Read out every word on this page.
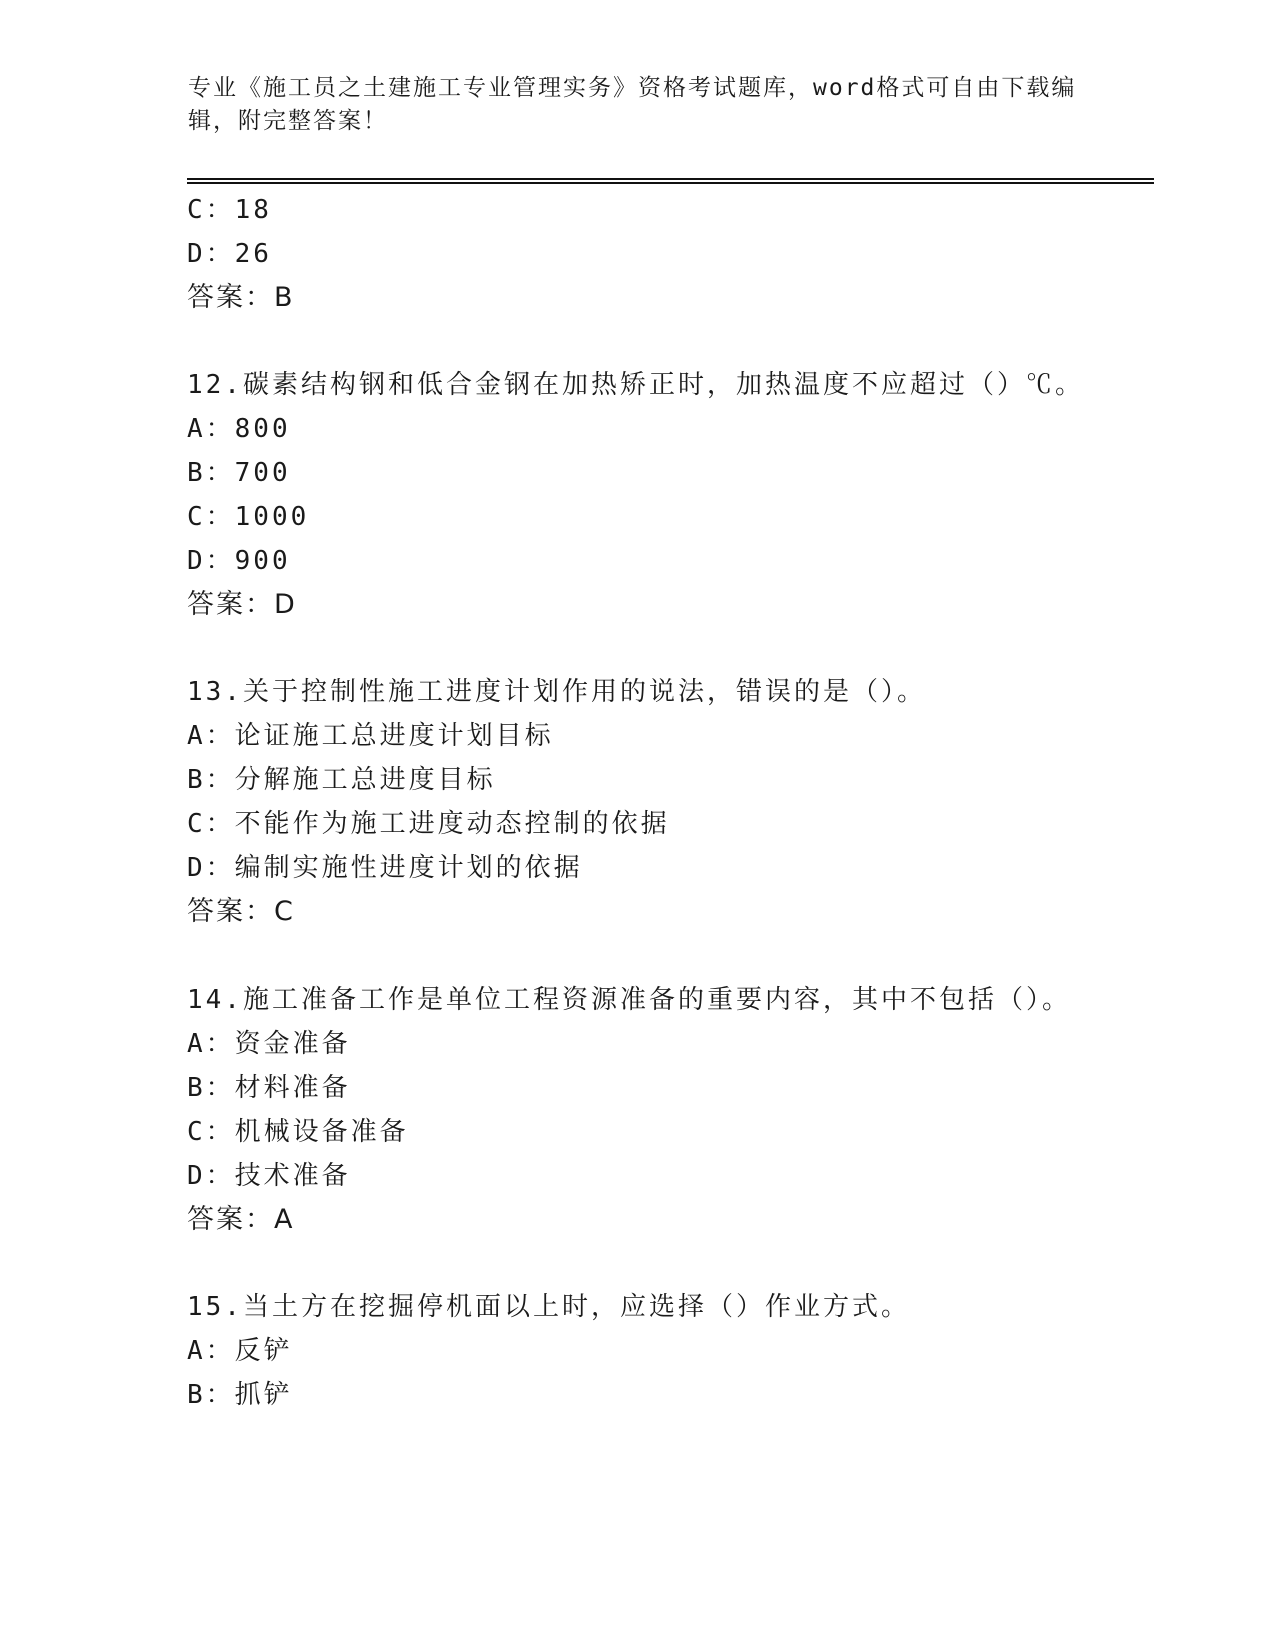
专业《施工员之土建施工专业管理实务》资格考试题库，word格式可自由下载编辑，附完整答案！
C：18
D：26
答案：B
12.碳素结构钢和低合金钢在加热矫正时，加热温度不应超过（）℃。
A：800
B：700
C：1000
D：900
答案：D
13.关于控制性施工进度计划作用的说法，错误的是（）。
A：论证施工总进度计划目标
B：分解施工总进度目标
C：不能作为施工进度动态控制的依据
D：编制实施性进度计划的依据
答案：C
14.施工准备工作是单位工程资源准备的重要内容，其中不包括（）。
A：资金准备
B：材料准备
C：机械设备准备
D：技术准备
答案：A
15.当土方在挖掘停机面以上时，应选择（）作业方式。
A：反铲
B：抓铲
